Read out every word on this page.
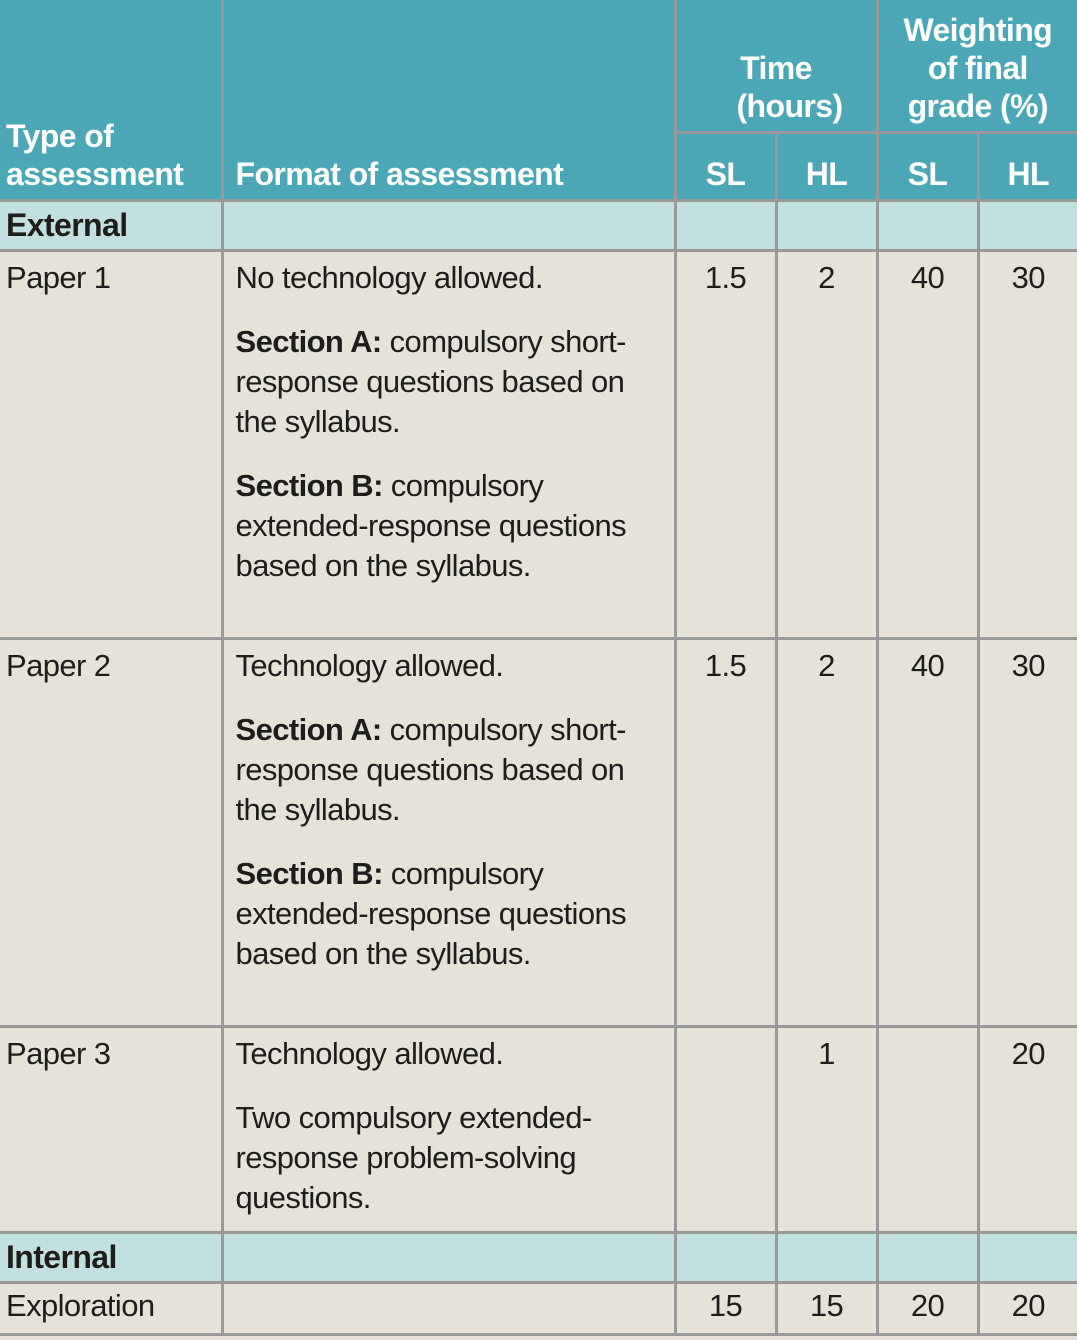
Type of assessment	Format of assessment	Time (hours)		Weighting of final grade (%)	
		SL	HL	SL	HL
External					
Paper 1	No technology allowed.

Section A: compulsory short-response questions based on the syllabus.

Section B: compulsory extended-response questions based on the syllabus.	1.5	2	40	30
Paper 2	Technology allowed.

Section A: compulsory short-response questions based on the syllabus.

Section B: compulsory extended-response questions based on the syllabus.	1.5	2	40	30
Paper 3	Technology allowed.

Two compulsory extended-response problem-solving questions.		1		20
Internal					
Exploration		15	15	20	20
